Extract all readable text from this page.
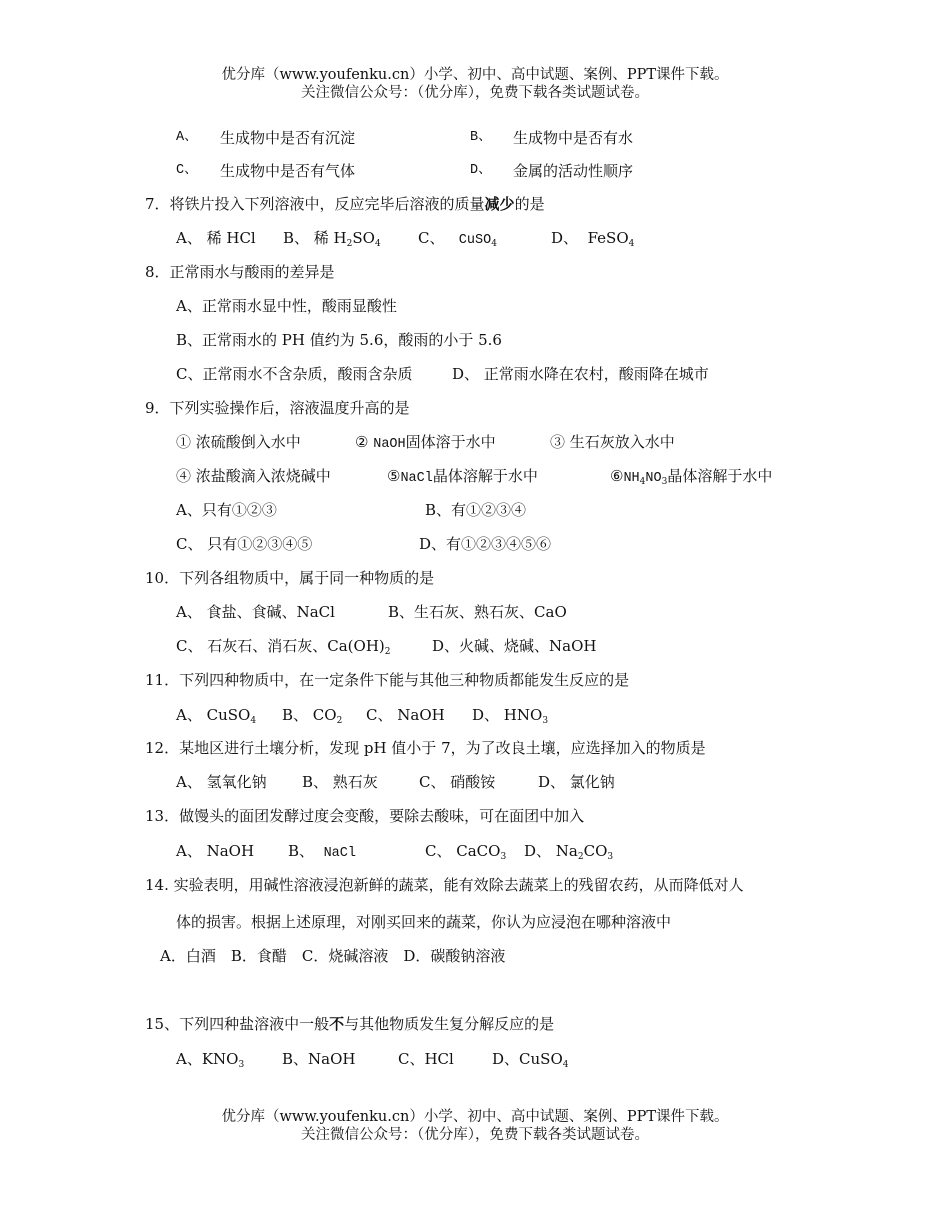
优分库（www.youfenku.cn）小学、初中、高中试题、案例、PPT课件下载。
关注微信公众号：（优分库），免费下载各类试题试卷。
A、 生成物中是否有沉淀	B、 生成物中是否有水
C、 生成物中是否有气体	D、 金属的活动性顺序
7．将铁片投入下列溶液中，反应完毕后溶液的质量减少的是
A、 稀 HCl B、 稀 $H_2SO_4$ C、 CuSO$_4$	D、 FeSO$_4$
8．正常雨水与酸雨的差异是
A、正常雨水显中性，酸雨显酸性
B、正常雨水的 PH 值约为 5.6，酸雨的小于 5.6
C、正常雨水不含杂质，酸雨含杂质	D、 正常雨水降在农村，酸雨降在城市
9．下列实验操作后，溶液温度升高的是
① 浓硫酸倒入水中	② NaOH固体溶于水中	③ 生石灰放入水中
④ 浓盐酸滴入浓烧碱中	⑤NaCl晶体溶解于水中	$⑥NH_4NO_3$晶体溶解于水中
A、只有①②③	B、有①②③④
C、 只有①②③④⑤	D、有①②③④⑤⑥
10．下列各组物质中，属于同一种物质的是
A、 食盐、食碱、NaCl	B、生石灰、熟石灰、CaO
C、 石灰石、消石灰、$Ca(OH)_2$	D、火碱、烧碱、NaOH
11．下列四种物质中，在一定条件下能与其他三种物质都能发生反应的是
A、 CuSO$_4$ B、 $CO_2$ C、 NaOH D、 $HNO_3$
12．某地区进行土壤分析，发现 pH 值小于 7，为了改良土壤，应选择加入的物质是
A、 氢氧化钠 B、 熟石灰	C、 硝酸铵	D、 氯化钠
13．做馒头的面团发酵过度会变酸，要除去酸味，可在面团中加入
A、 NaOH B、 NaCl	C、 CaCO$_3$ D、 $Na_2CO_3$
14. 实验表明，用碱性溶液浸泡新鲜的蔬菜，能有效除去蔬菜上的残留农药，从而降低对人
体的损害。根据上述原理，对刚买回来的蔬菜，你认为应浸泡在哪种溶液中
A．白酒　B．食醋　C．烧碱溶液　D．碳酸钠溶液
15、下列四种盐溶液中一般不与其他物质发生复分解反应的是
A、$KNO_3$	B、NaOH	C、HCl	D、CuSO$_4$
优分库（www.youfenku.cn）小学、初中、高中试题、案例、PPT课件下载。
关注微信公众号：（优分库），免费下载各类试题试卷。
